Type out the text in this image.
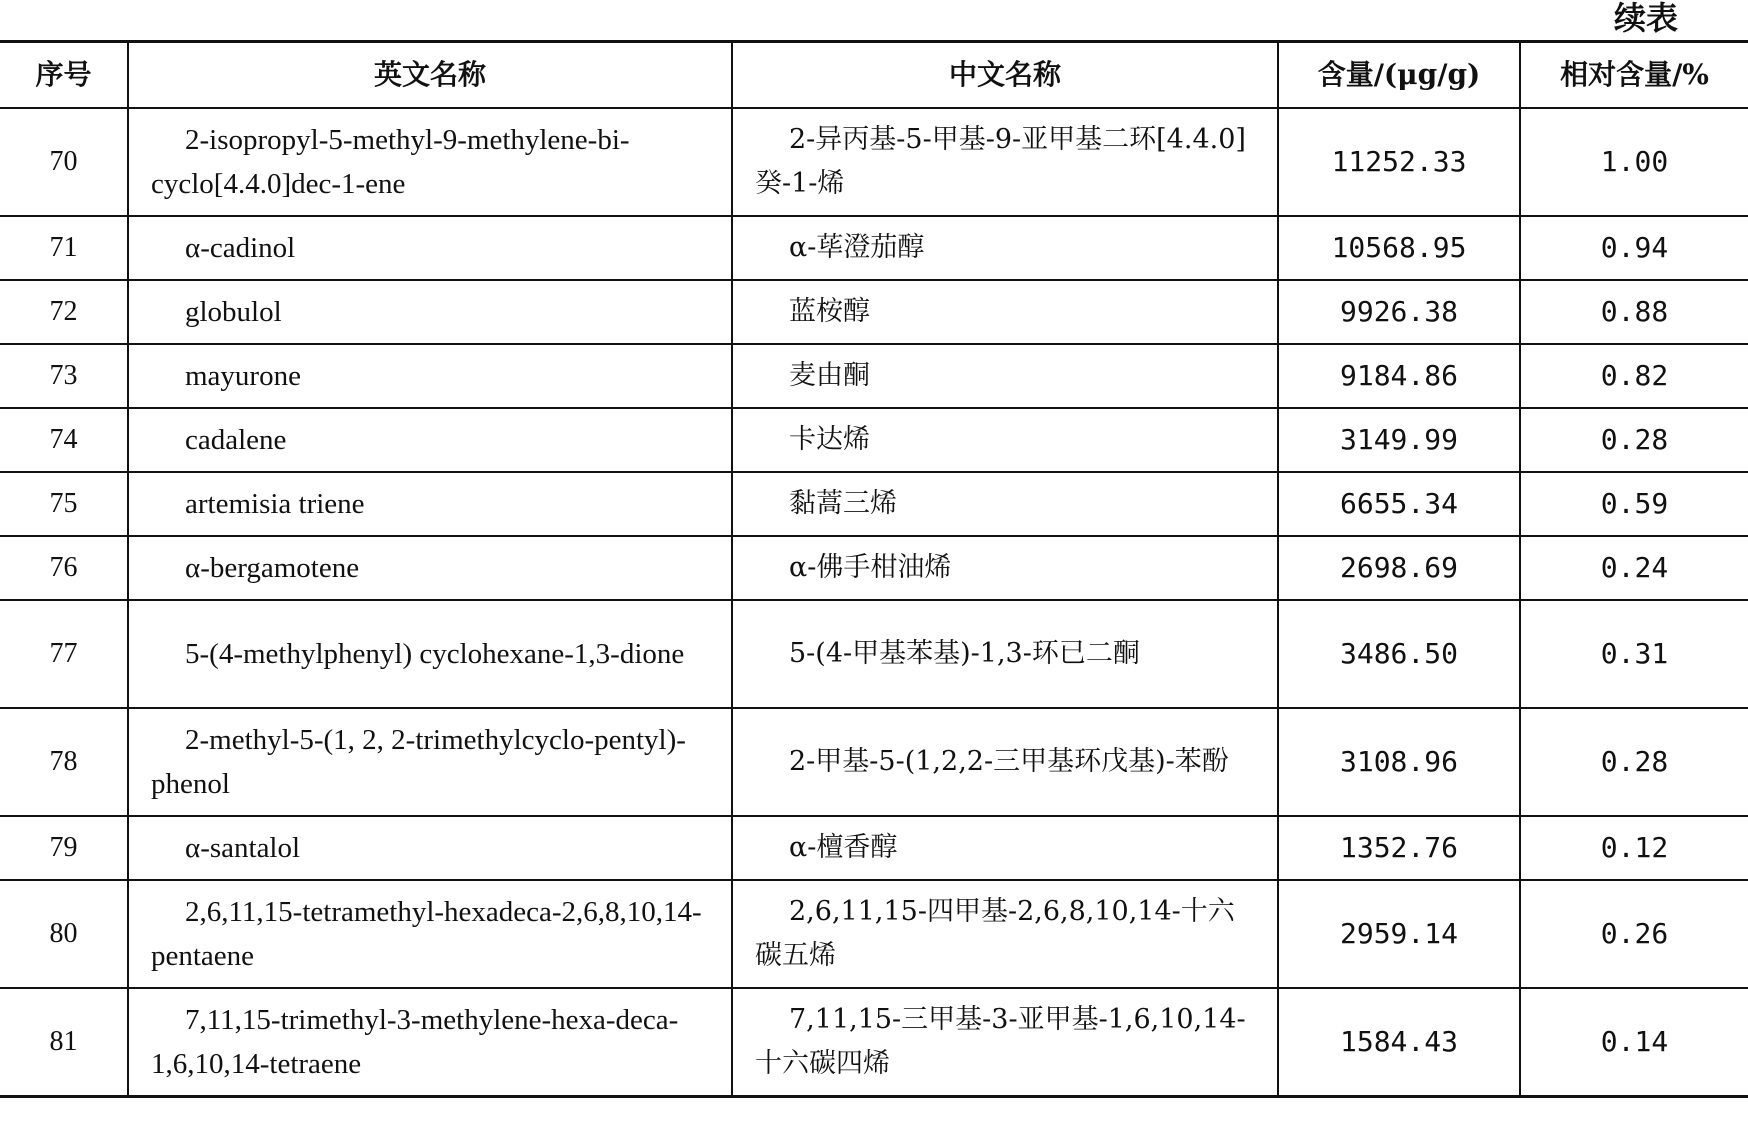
续表
序号	英文名称	中文名称	含量/(μg/g)	相对含量/%
70	2-isopropyl-5-methyl-9-methylene-bi-cyclo[4.4.0]dec-1-ene	2-异丙基-5-甲基-9-亚甲基二环[4.4.0]癸-1-烯	11252.33	1.00
71	α-cadinol	α-荜澄茄醇	10568.95	0.94
72	globulol	蓝桉醇	9926.38	0.88
73	mayurone	麦由酮	9184.86	0.82
74	cadalene	卡达烯	3149.99	0.28
75	artemisia triene	黏蒿三烯	6655.34	0.59
76	α-bergamotene	α-佛手柑油烯	2698.69	0.24
77	5-(4-methylphenyl) cyclohexane-1,3-dione	5-(4-甲基苯基)-1,3-环已二酮	3486.50	0.31
78	2-methyl-5-(1, 2, 2-trimethylcyclo-pentyl)-phenol	2-甲基-5-(1,2,2-三甲基环戊基)-苯酚	3108.96	0.28
79	α-santalol	α-檀香醇	1352.76	0.12
80	2,6,11,15-tetramethyl-hexadeca-2,6,8,10,14-pentaene	2,6,11,15-四甲基-2,6,8,10,14-十六碳五烯	2959.14	0.26
81	7,11,15-trimethyl-3-methylene-hexa-deca-1,6,10,14-tetraene	7,11,15-三甲基-3-亚甲基-1,6,10,14-十六碳四烯	1584.43	0.14
